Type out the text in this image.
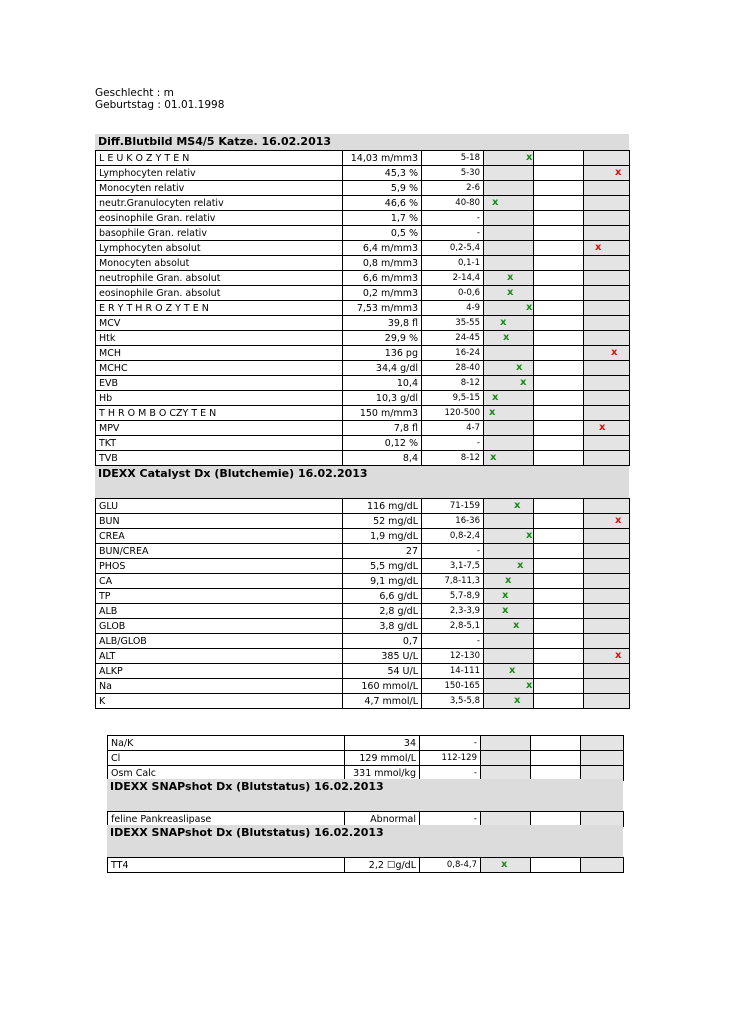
Geschlecht : m
Geburtstag : 01.01.1998
Diff.Blutbild MS4/5 Katze. 16.02.2013
L E U K O Z Y T E N	14,03 m/mm3	5-18	x		

Lymphocyten relativ	45,3 %	5-30			x

Monocyten relativ	5,9 %	2-6			
neutr.Granulocyten relativ	46,6 %	40-80	x		

eosinophile Gran. relativ	1,7 %	-			
basophile Gran. relativ	0,5 %	-			
Lymphocyten absolut	6,4 m/mm3	0,2-5,4			x

Monocyten absolut	0,8 m/mm3	0,1-1			
neutrophile Gran. absolut	6,6 m/mm3	2-14,4	x		

eosinophile Gran. absolut	0,2 m/mm3	0-0,6	x		

E R Y T H R O Z Y T E N	7,53 m/mm3	4-9	x		

MCV	39,8 fl	35-55	x		

Htk	29,9 %	24-45	x		

MCH	136 pg	16-24			x

MCHC	34,4 g/dl	28-40	x		

EVB	10,4	8-12	x		

Hb	10,3 g/dl	9,5-15	x		

T H R O M B O CZY T E N	150 m/mm3	120-500	x		

MPV	7,8 fl	4-7			x

TKT	0,12 %	-			
TVB	8,4	8-12	x		

IDEXX Catalyst Dx (Blutchemie) 16.02.2013
GLU	116 mg/dL	71-159	x		

BUN	52 mg/dL	16-36			x

CREA	1,9 mg/dL	0,8-2,4	x		

BUN/CREA	27	-			
PHOS	5,5 mg/dL	3,1-7,5	x		

CA	9,1 mg/dL	7,8-11,3	x		

TP	6,6 g/dL	5,7-8,9	x		

ALB	2,8 g/dL	2,3-3,9	x		

GLOB	3,8 g/dL	2,8-5,1	x		

ALB/GLOB	0,7	-			
ALT	385 U/L	12-130			x

ALKP	54 U/L	14-111	x		

Na	160 mmol/L	150-165	x		

K	4,7 mmol/L	3,5-5,8	x		

Na/K	34	-			
Cl	129 mmol/L	112-129			
Osm Calc	331 mmol/kg	-			
IDEXX SNAPshot Dx (Blutstatus) 16.02.2013
feline Pankreaslipase	Abnormal	-			
IDEXX SNAPshot Dx (Blutstatus) 16.02.2013
TT4	2,2 ☐g/dL	0,8-4,7	x
